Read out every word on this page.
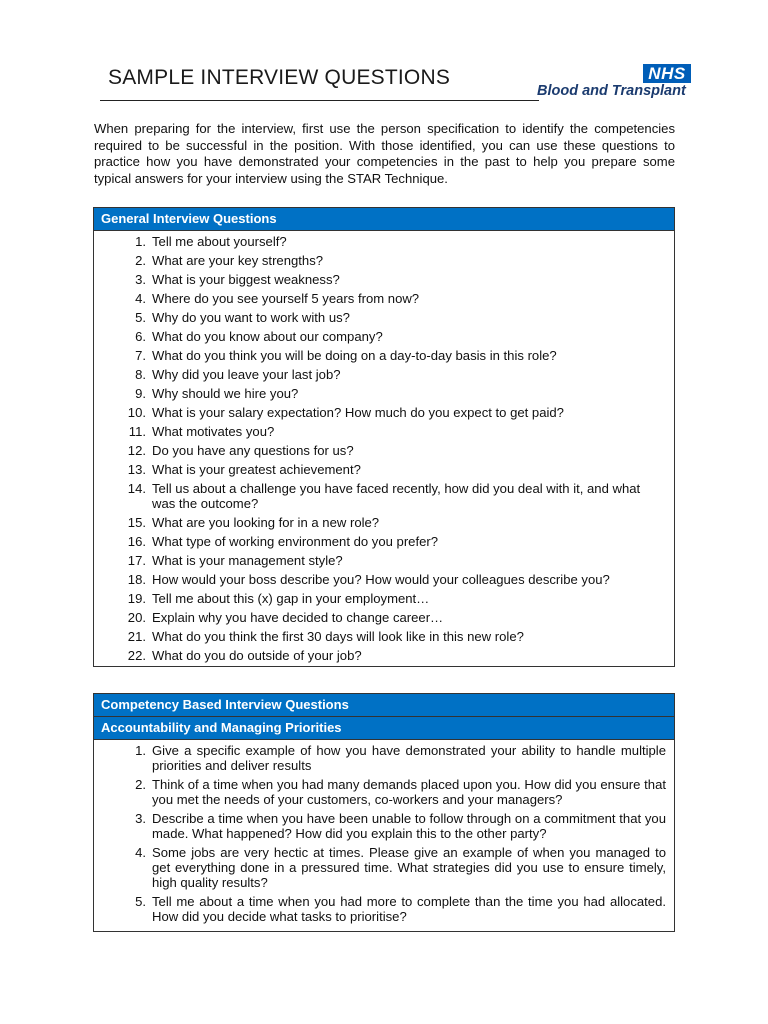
SAMPLE INTERVIEW QUESTIONS	NHS
Blood and Transplant

When preparing for the interview, first use the person specification to identify the competencies required to be successful in the position. With those identified, you can use these questions to practice how you have demonstrated your competencies in the past to help you prepare some typical answers for your interview using the STAR Technique.

General Interview Questions
1. Tell me about yourself?
2. What are your key strengths?
3. What is your biggest weakness?
4. Where do you see yourself 5 years from now?
5. Why do you want to work with us?
6. What do you know about our company?
7. What do you think you will be doing on a day-to-day basis in this role?
8. Why did you leave your last job?
9. Why should we hire you?
10. What is your salary expectation? How much do you expect to get paid?
11. What motivates you?
12. Do you have any questions for us?
13. What is your greatest achievement?
14. Tell us about a challenge you have faced recently, how did you deal with it, and what was the outcome?
15. What are you looking for in a new role?
16. What type of working environment do you prefer?
17. What is your management style?
18. How would your boss describe you? How would your colleagues describe you?
19. Tell me about this (x) gap in your employment…
20. Explain why you have decided to change career…
21. What do you think the first 30 days will look like in this new role?
22. What do you do outside of your job?
Competency Based Interview Questions
Accountability and Managing Priorities
1. Give a specific example of how you have demonstrated your ability to handle multiple priorities and deliver results
2. Think of a time when you had many demands placed upon you. How did you ensure that you met the needs of your customers, co-workers and your managers?
3. Describe a time when you have been unable to follow through on a commitment that you made. What happened? How did you explain this to the other party?
4. Some jobs are very hectic at times. Please give an example of when you managed to get everything done in a pressured time. What strategies did you use to ensure timely, high quality results?
5. Tell me about a time when you had more to complete than the time you had allocated. How did you decide what tasks to prioritise?
